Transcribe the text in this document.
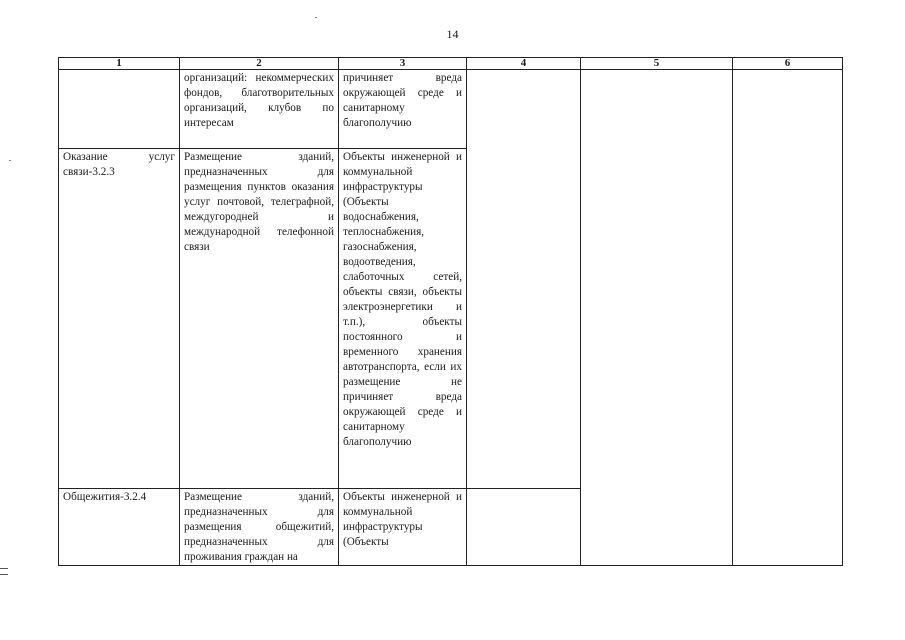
14
1	2	3	4	5	6
	организаций: некоммерческих фондов, благотворительных организаций, клубов по интересам	причиняет вреда окружающей среде и санитарному благополучию			
Оказание услуг связи-3.2.3	Размещение зданий, предназначенных для размещения пунктов оказания услуг почтовой, телеграфной, междугородней и международной телефонной связи	Объекты инженерной и коммунальной инфраструктуры (Объекты водоснабжения, теплоснабжения, газоснабжения, водоотведения, слаботочных сетей, объекты связи, объекты электроэнергетики и т.п.), объекты постоянного и временного хранения автотранспорта, если их размещение не причиняет вреда окружающей среде и санитарному благополучию			
Общежития-3.2.4	Размещение зданий, предназначенных для размещения общежитий, предназначенных для проживания граждан на	Объекты инженерной и коммунальной инфраструктуры (Объекты			
